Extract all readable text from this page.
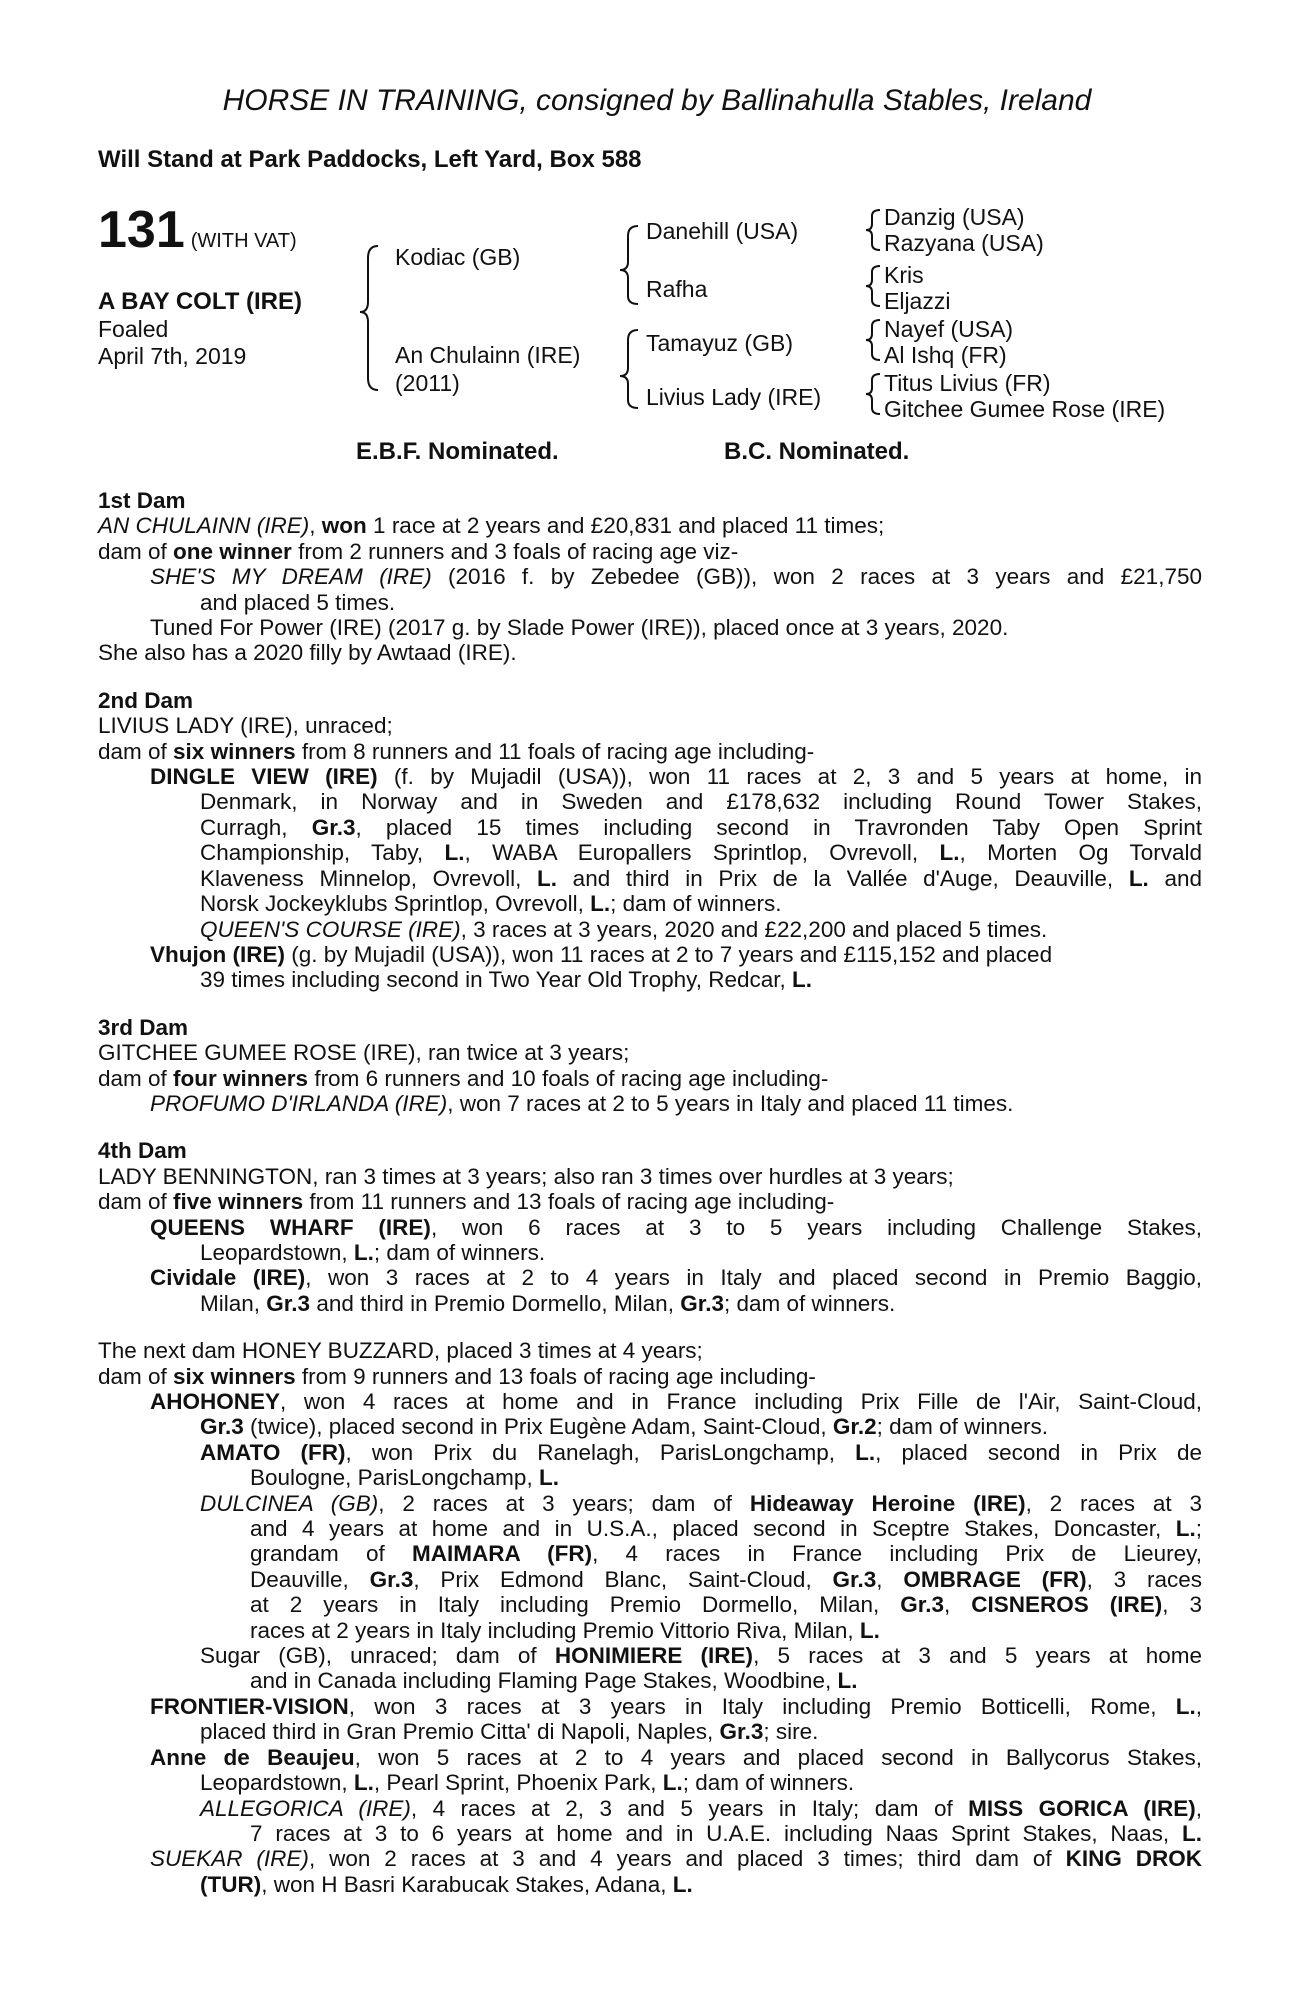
HORSE IN TRAINING, consigned by Ballinahulla Stables, Ireland
Will Stand at Park Paddocks, Left Yard, Box 588
131 (WITH VAT)
A BAY COLT (IRE)
Foaled
April 7th, 2019
Kodiac (GB)
An Chulainn (IRE)
(2011)
Danehill (USA)
Rafha
Tamayuz (GB)
Livius Lady (IRE)
Danzig (USA)
Razyana (USA)
Kris
Eljazzi
Nayef (USA)
Al Ishq (FR)
Titus Livius (FR)
Gitchee Gumee Rose (IRE)
E.B.F. Nominated.	B.C. Nominated.
1st Dam
AN CHULAINN (IRE), won 1 race at 2 years and £20,831 and placed 11 times;
dam of one winner from 2 runners and 3 foals of racing age viz-
SHE'S MY DREAM (IRE) (2016 f. by Zebedee (GB)), won 2 races at 3 years and £21,750
and placed 5 times.
Tuned For Power (IRE) (2017 g. by Slade Power (IRE)), placed once at 3 years, 2020.
She also has a 2020 filly by Awtaad (IRE).
2nd Dam
LIVIUS LADY (IRE), unraced;
dam of six winners from 8 runners and 11 foals of racing age including-
DINGLE VIEW (IRE) (f. by Mujadil (USA)), won 11 races at 2, 3 and 5 years at home, in
Denmark, in Norway and in Sweden and £178,632 including Round Tower Stakes,
Curragh, Gr.3, placed 15 times including second in Travronden Taby Open Sprint
Championship, Taby, L., WABA Europallers Sprintlop, Ovrevoll, L., Morten Og Torvald
Klaveness Minnelop, Ovrevoll, L. and third in Prix de la Vallée d'Auge, Deauville, L. and
Norsk Jockeyklubs Sprintlop, Ovrevoll, L.; dam of winners.
QUEEN'S COURSE (IRE), 3 races at 3 years, 2020 and £22,200 and placed 5 times.
Vhujon (IRE) (g. by Mujadil (USA)), won 11 races at 2 to 7 years and £115,152 and placed
39 times including second in Two Year Old Trophy, Redcar, L.
3rd Dam
GITCHEE GUMEE ROSE (IRE), ran twice at 3 years;
dam of four winners from 6 runners and 10 foals of racing age including-
PROFUMO D'IRLANDA (IRE), won 7 races at 2 to 5 years in Italy and placed 11 times.
4th Dam
LADY BENNINGTON, ran 3 times at 3 years; also ran 3 times over hurdles at 3 years;
dam of five winners from 11 runners and 13 foals of racing age including-
QUEENS WHARF (IRE), won 6 races at 3 to 5 years including Challenge Stakes,
Leopardstown, L.; dam of winners.
Cividale (IRE), won 3 races at 2 to 4 years in Italy and placed second in Premio Baggio,
Milan, Gr.3 and third in Premio Dormello, Milan, Gr.3; dam of winners.
The next dam HONEY BUZZARD, placed 3 times at 4 years;
dam of six winners from 9 runners and 13 foals of racing age including-
AHOHONEY, won 4 races at home and in France including Prix Fille de l'Air, Saint-Cloud,
Gr.3 (twice), placed second in Prix Eugène Adam, Saint-Cloud, Gr.2; dam of winners.
AMATO (FR), won Prix du Ranelagh, ParisLongchamp, L., placed second in Prix de
Boulogne, ParisLongchamp, L.
DULCINEA (GB), 2 races at 3 years; dam of Hideaway Heroine (IRE), 2 races at 3
and 4 years at home and in U.S.A., placed second in Sceptre Stakes, Doncaster, L.;
grandam of MAIMARA (FR), 4 races in France including Prix de Lieurey,
Deauville, Gr.3, Prix Edmond Blanc, Saint-Cloud, Gr.3, OMBRAGE (FR), 3 races
at 2 years in Italy including Premio Dormello, Milan, Gr.3, CISNEROS (IRE), 3
races at 2 years in Italy including Premio Vittorio Riva, Milan, L.
Sugar (GB), unraced; dam of HONIMIERE (IRE), 5 races at 3 and 5 years at home
and in Canada including Flaming Page Stakes, Woodbine, L.
FRONTIER-VISION, won 3 races at 3 years in Italy including Premio Botticelli, Rome, L.,
placed third in Gran Premio Citta' di Napoli, Naples, Gr.3; sire.
Anne de Beaujeu, won 5 races at 2 to 4 years and placed second in Ballycorus Stakes,
Leopardstown, L., Pearl Sprint, Phoenix Park, L.; dam of winners.
ALLEGORICA (IRE), 4 races at 2, 3 and 5 years in Italy; dam of MISS GORICA (IRE),
7 races at 3 to 6 years at home and in U.A.E. including Naas Sprint Stakes, Naas, L.
SUEKAR (IRE), won 2 races at 3 and 4 years and placed 3 times; third dam of KING DROK
(TUR), won H Basri Karabucak Stakes, Adana, L.
